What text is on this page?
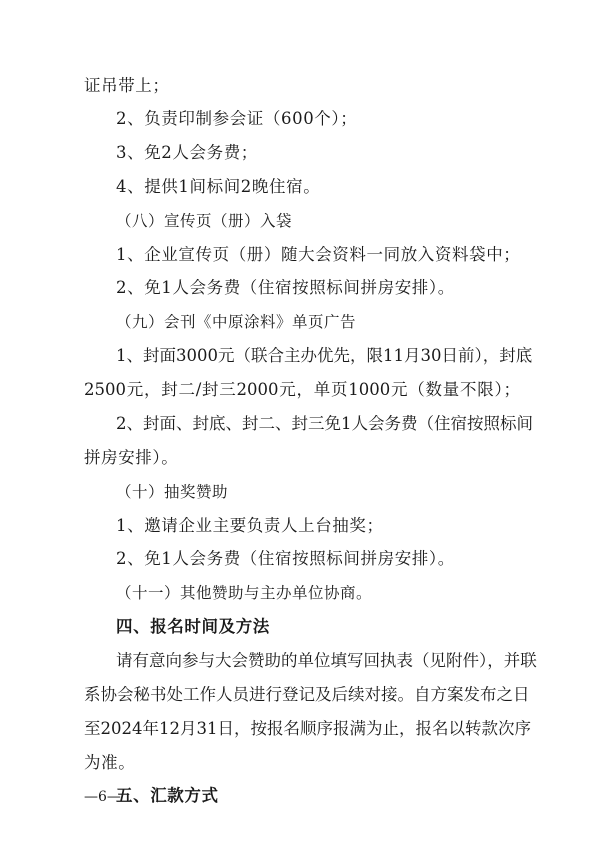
证吊带上；
2、负责印制参会证（600个）；
3、免2人会务费；
4、提供1间标间2晚住宿。
（八）宣传页（册）入袋
1、企业宣传页（册）随大会资料一同放入资料袋中；
2、免1人会务费（住宿按照标间拼房安排）。
（九）会刊《中原涂料》单页广告
1、封面3000元（联合主办优先，限11月30日前），封底
2500元，封二/封三2000元，单页1000元（数量不限）；
2、封面、封底、封二、封三免1人会务费（住宿按照标间
拼房安排）。
（十）抽奖赞助
1、邀请企业主要负责人上台抽奖；
2、免1人会务费（住宿按照标间拼房安排）。
（十一）其他赞助与主办单位协商。
四、报名时间及方法
请有意向参与大会赞助的单位填写回执表（见附件），并联
系协会秘书处工作人员进行登记及后续对接。自方案发布之日
至2024年12月31日，按报名顺序报满为止，报名以转款次序
为准。
五、汇款方式
—6—
